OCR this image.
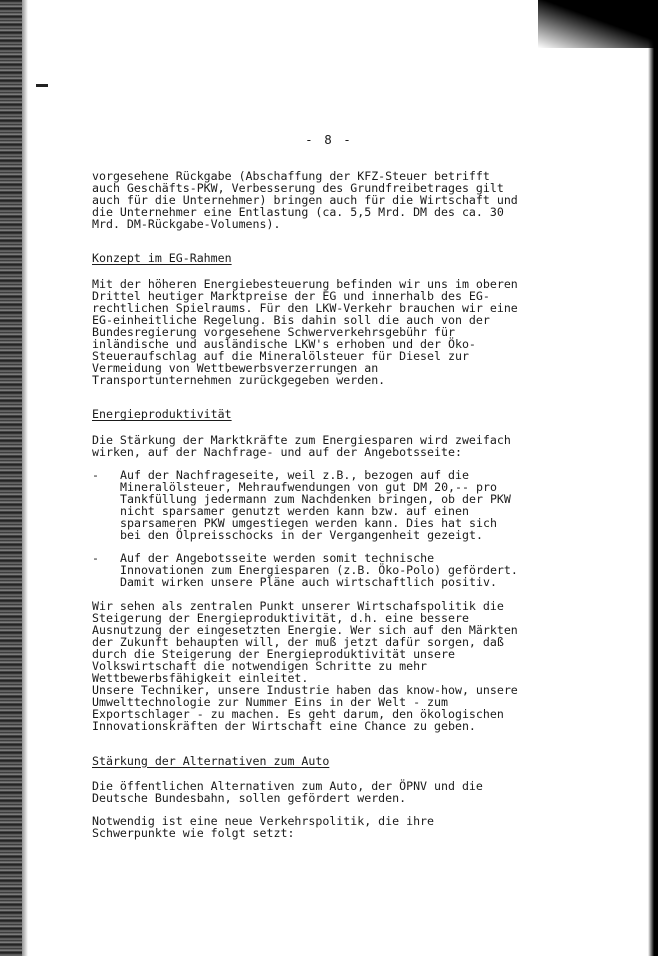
- 8 -

vorgesehene Rückgabe (Abschaffung der KFZ-Steuer betrifft auch Geschäfts-PKW, Verbesserung des Grundfreibetrages gilt auch für die Unternehmer) bringen auch für die Wirtschaft und die Unternehmer eine Entlastung (ca. 5,5 Mrd. DM des ca. 30 Mrd. DM-Rückgabe-Volumens).

Konzept im EG-Rahmen

Mit der höheren Energiebesteuerung befinden wir uns im oberen Drittel heutiger Marktpreise der EG und innerhalb des EG-rechtlichen Spielraums. Für den LKW-Verkehr brauchen wir eine EG-einheitliche Regelung. Bis dahin soll die auch von der Bundesregierung vorgesehene Schwerverkehrsgebühr für inländische und ausländische LKW's erhoben und der Öko-Steueraufschlag auf die Mineralölsteuer für Diesel zur Vermeidung von Wettbewerbsverzerrungen an Transportunternehmen zurückgegeben werden.

Energieproduktivität

Die Stärkung der Marktkräfte zum Energiesparen wird zweifach wirken, auf der Nachfrage- und auf der Angebotsseite:

- Auf der Nachfrageseite, weil z.B., bezogen auf die Mineralölsteuer, Mehraufwendungen von gut DM 20,-- pro Tankfüllung jedermann zum Nachdenken bringen, ob der PKW nicht sparsamer genutzt werden kann bzw. auf einen sparsameren PKW umgestiegen werden kann. Dies hat sich bei den Ölpreisschocks in der Vergangenheit gezeigt.
- Auf der Angebotsseite werden somit technische Innovationen zum Energiesparen (z.B. Öko-Polo) gefördert. Damit wirken unsere Pläne auch wirtschaftlich positiv.

Wir sehen als zentralen Punkt unserer Wirtschafspolitik die Steigerung der Energieproduktivität, d.h. eine bessere Ausnutzung der eingesetzten Energie. Wer sich auf den Märkten der Zukunft behaupten will, der muß jetzt dafür sorgen, daß durch die Steigerung der Energieproduktivität unsere Volkswirtschaft die notwendigen Schritte zu mehr Wettbewerbsfähigkeit einleitet.

Unsere Techniker, unsere Industrie haben das know-how, unsere Umwelttechnologie zur Nummer Eins in der Welt - zum Exportschlager - zu machen. Es geht darum, den ökologischen Innovationskräften der Wirtschaft eine Chance zu geben.

Stärkung der Alternativen zum Auto

Die öffentlichen Alternativen zum Auto, der ÖPNV und die Deutsche Bundesbahn, sollen gefördert werden.

Notwendig ist eine neue Verkehrspolitik, die ihre Schwerpunkte wie folgt setzt:
